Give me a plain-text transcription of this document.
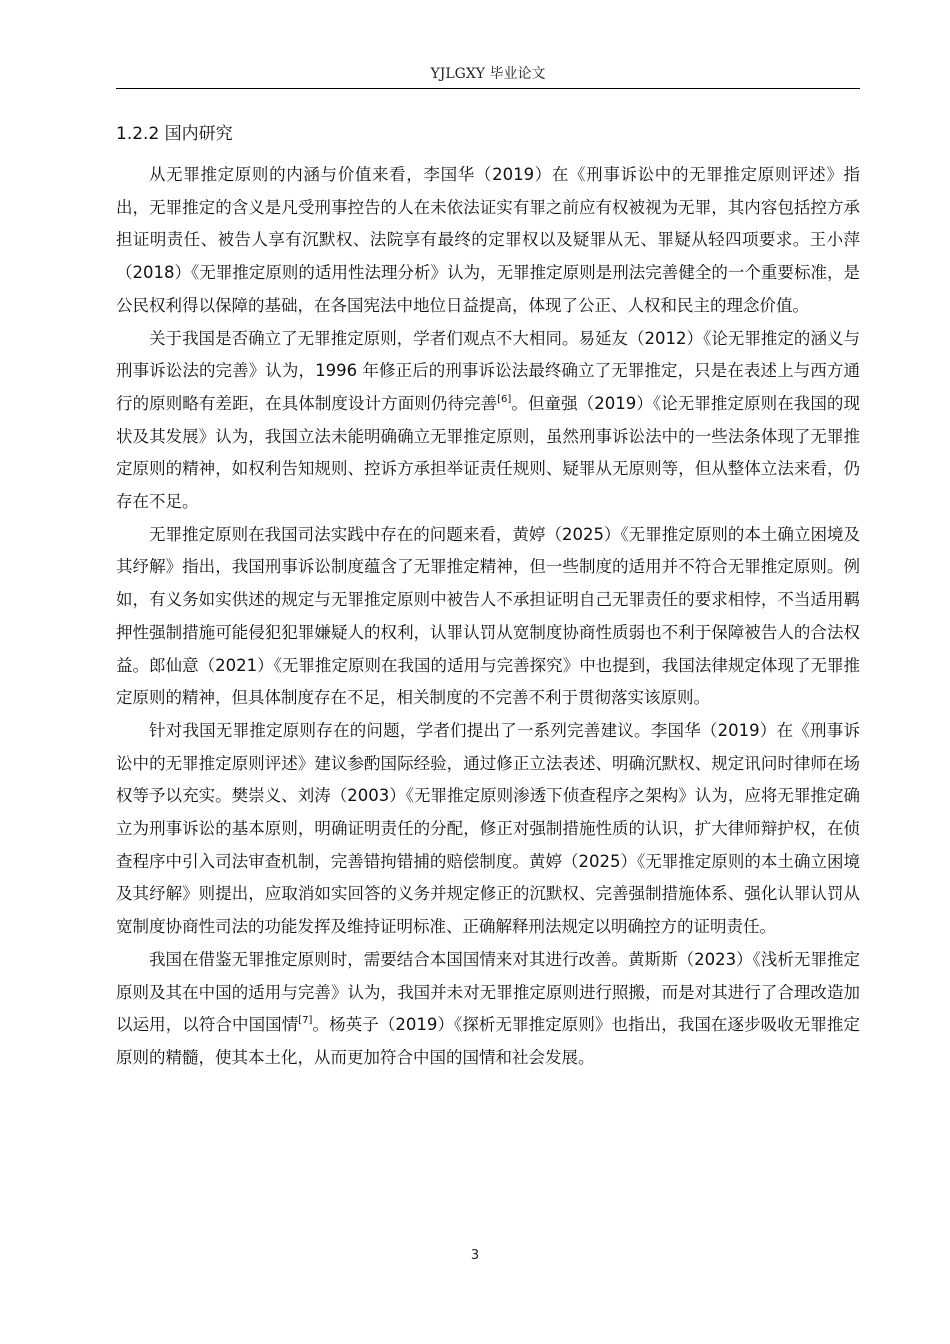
YJLGXY 毕业论文
1.2.2 国内研究

从无罪推定原则的内涵与价值来看，李国华（2019）在《刑事诉讼中的无罪推定原则评述》指出，无罪推定的含义是凡受刑事控告的人在未依法证实有罪之前应有权被视为无罪，其内容包括控方承担证明责任、被告人享有沉默权、法院享有最终的定罪权以及疑罪从无、罪疑从轻四项要求。王小萍（2018）《无罪推定原则的适用性法理分析》认为，无罪推定原则是刑法完善健全的一个重要标准，是公民权利得以保障的基础，在各国宪法中地位日益提高，体现了公正、人权和民主的理念价值。

关于我国是否确立了无罪推定原则，学者们观点不大相同。易延友（2012）《论无罪推定的涵义与刑事诉讼法的完善》认为，1996 年修正后的刑事诉讼法最终确立了无罪推定，只是在表述上与西方通行的原则略有差距，在具体制度设计方面则仍待完善[6]。但童强（2019）《论无罪推定原则在我国的现状及其发展》认为，我国立法未能明确确立无罪推定原则，虽然刑事诉讼法中的一些法条体现了无罪推定原则的精神，如权利告知规则、控诉方承担举证责任规则、疑罪从无原则等，但从整体立法来看，仍存在不足。

无罪推定原则在我国司法实践中存在的问题来看，黄婷（2025）《无罪推定原则的本土确立困境及其纾解》指出，我国刑事诉讼制度蕴含了无罪推定精神，但一些制度的适用并不符合无罪推定原则。例如，有义务如实供述的规定与无罪推定原则中被告人不承担证明自己无罪责任的要求相悖，不当适用羁押性强制措施可能侵犯犯罪嫌疑人的权利，认罪认罚从宽制度协商性质弱也不利于保障被告人的合法权益。郎仙意（2021）《无罪推定原则在我国的适用与完善探究》中也提到，我国法律规定体现了无罪推定原则的精神，但具体制度存在不足，相关制度的不完善不利于贯彻落实该原则。

针对我国无罪推定原则存在的问题，学者们提出了一系列完善建议。李国华（2019）在《刑事诉讼中的无罪推定原则评述》建议参酌国际经验，通过修正立法表述、明确沉默权、规定讯问时律师在场权等予以充实。樊崇义、刘涛（2003）《无罪推定原则渗透下侦查程序之架构》认为，应将无罪推定确立为刑事诉讼的基本原则，明确证明责任的分配，修正对强制措施性质的认识，扩大律师辩护权，在侦查程序中引入司法审查机制，完善错拘错捕的赔偿制度。黄婷（2025）《无罪推定原则的本土确立困境及其纾解》则提出，应取消如实回答的义务并规定修正的沉默权、完善强制措施体系、强化认罪认罚从宽制度协商性司法的功能发挥及维持证明标准、正确解释刑法规定以明确控方的证明责任。

我国在借鉴无罪推定原则时，需要结合本国国情来对其进行改善。黄斯斯（2023）《浅析无罪推定原则及其在中国的适用与完善》认为，我国并未对无罪推定原则进行照搬，而是对其进行了合理改造加以运用，以符合中国国情[7]。杨英子（2019）《探析无罪推定原则》也指出，我国在逐步吸收无罪推定原则的精髓，使其本土化，从而更加符合中国的国情和社会发展。

3
